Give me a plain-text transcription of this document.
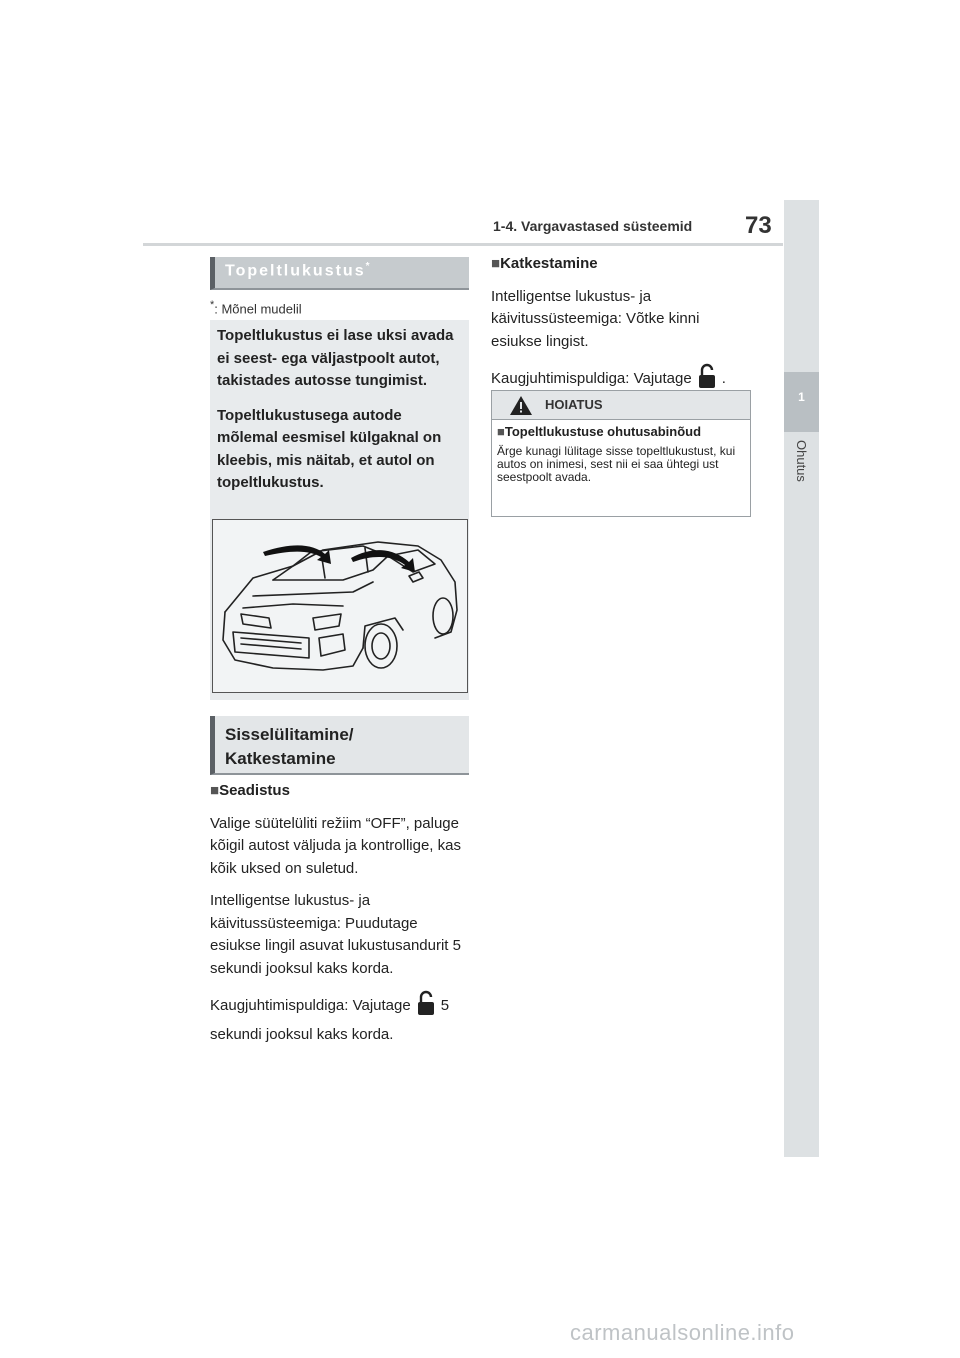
1-4. Vargavastased süsteemid 73
1
Ohutus
Topeltlukustus*
*: Mõnel mudelil

Topeltlukustus ei lase uksi avada ei seest- ega väljastpoolt autot, takistades autosse tungimist.

Topeltlukustusega autode mõlemal eesmisel külgaknal on kleebis, mis näitab, et autol on topeltlukustus.

Sisselülitamine/
Katkestamine

■Seadistus

Valige süütelüliti režiim “OFF”, paluge kõigil autost väljuda ja kontrollige, kas kõik uksed on suletud.

Intelligentse lukustus- ja käivitussüsteemiga: Puudutage esiukse lingil asuvat lukustusandurit 5 sekundi jooksul kaks korda.

Kaugjuhtimispuldiga: Vajutage 5 sekundi jooksul kaks korda.

■Katkestamine

Intelligentse lukustus- ja käivitussüsteemiga: Võtke kinni esiukse lingist.

Kaugjuhtimispuldiga: Vajutage .

HOIATUS
■Topeltlukustuse ohutusabinõud
Ärge kunagi lülitage sisse topeltlukustust, kui autos on inimesi, sest nii ei saa ühtegi ust seestpoolt avada.
carmanualsonline.info
